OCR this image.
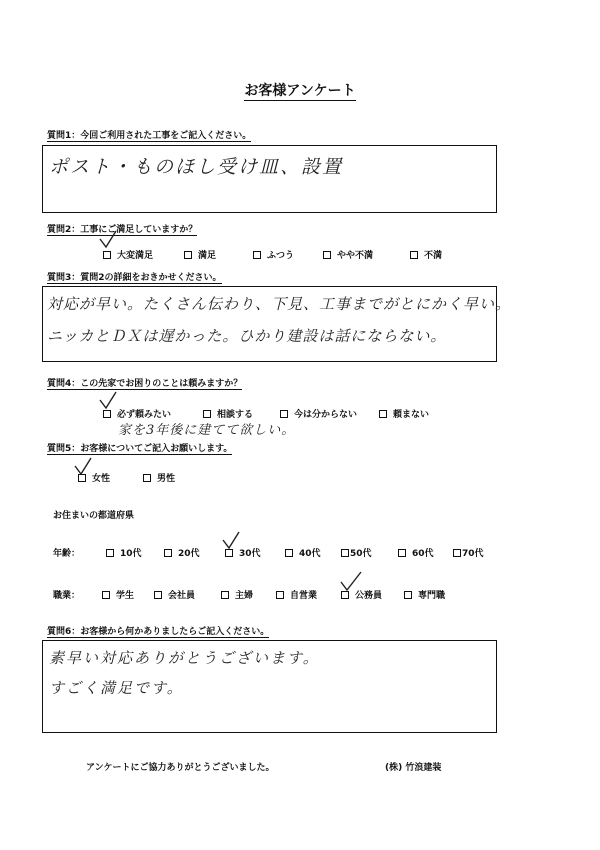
お客様アンケート
質問1：今回ご利用された工事をご記入ください。
ポスト・ものほし受け皿、設置
質問2：工事にご満足していますか？
大変満足	満足	ふつう	やや不満	不満
質問3：質問2の詳細をおきかせください。
対応が早い。たくさん伝わり、下見、工事までがとにかく早い。
ニッカとＤＸは遅かった。ひかり建設は話にならない。
質問4：この先家でお困りのことは頼みますか？
必ず頼みたい	相談する	今は分からない	頼まない
家を3年後に建てて欲しい。
質問5：お客様についてご記入お願いします。
女性	男性
お住まいの都道府県
年齢：	10代	20代	30代	40代	50代	60代	70代
職業：	学生	会社員	主婦	自営業	公務員	専門職
質問6：お客様から何かありましたらご記入ください。
素早い対応ありがとうございます。
すごく満足です。
アンケートにご協力ありがとうございました。	(株) 竹浪建装
